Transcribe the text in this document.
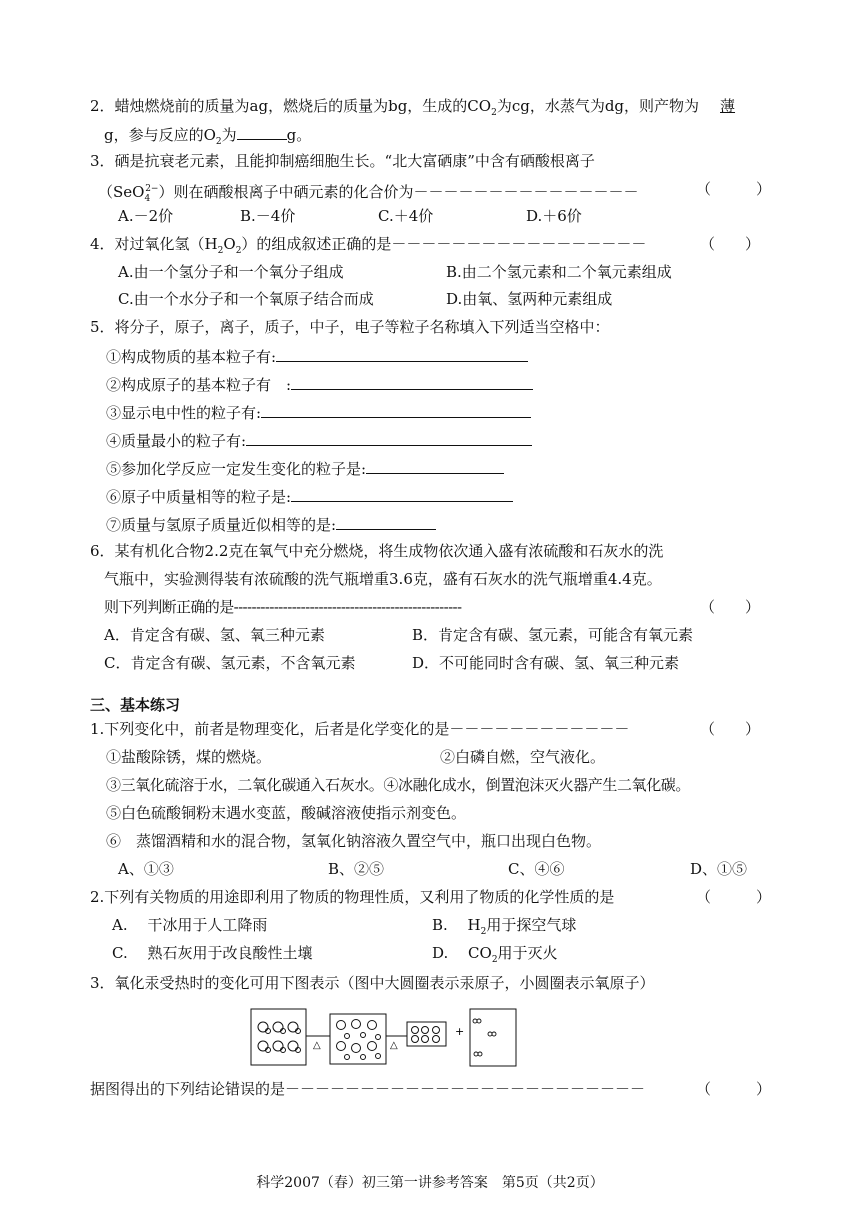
2．蜡烛燃烧前的质量为ag，燃烧后的质量为bg，生成的$CO_2$为cg，水蒸气为dg，则产物为 薄
g，参与反应的$O_2$为	g。
3．硒是抗衰老元素，且能抑制癌细胞生长。“北大富硒康”中含有硒酸根离子
（SeO$_4^{2-}$）则在硒酸根离子中硒元素的化合价为－－－－－－－－－－－－－－－	（　　　）
A.－2价	B.－4价	C.＋4价	D.＋6价
4．对过氧化氢$(H_2O_2)$的组成叙述正确的是－－－－－－－－－－－－－－－－－	（　　）
A.由一个氢分子和一个氧分子组成	B.由二个氢元素和二个氧元素组成
C.由一个水分子和一个氧原子结合而成	D.由氧、氢两种元素组成
5．将分子，原子，离子，质子，中子，电子等粒子名称填入下列适当空格中：
①构成物质的基本粒子有:
②构成原子的基本粒子有　:
③显示电中性的粒子有:
④质量最小的粒子有:
⑤参加化学反应一定发生变化的粒子是:
⑥原子中质量相等的粒子是:
⑦质量与氢原子质量近似相等的是:
6．某有机化合物2.2克在氧气中充分燃烧，将生成物依次通入盛有浓硫酸和石灰水的洗
气瓶中，实验测得装有浓硫酸的洗气瓶增重3.6克，盛有石灰水的洗气瓶增重4.4克。
则下列判断正确的是---------------------------------------------------	（　　）
A．肯定含有碳、氢、氧三种元素	B．肯定含有碳、氢元素，可能含有氧元素
C．肯定含有碳、氢元素，不含氧元素	D．不可能同时含有碳、氢、氧三种元素
三、基本练习
1.下列变化中，前者是物理变化，后者是化学变化的是－－－－－－－－－－－－	（　　）
①盐酸除锈，煤的燃烧。	②白磷自燃，空气液化。
③三氧化硫溶于水，二氧化碳通入石灰水。④冰融化成水，倒置泡沫灭火器产生二氧化碳。
⑤白色硫酸铜粉末遇水变蓝，酸碱溶液使指示剂变色。
⑥　蒸馏酒精和水的混合物，氢氧化钠溶液久置空气中，瓶口出现白色物。
A、①③	B、②⑤	C、④⑥	D、①⑤
2.下列有关物质的用途即利用了物质的物理性质，又利用了物质的化学性质的是	（　　　）
A.　 干冰用于人工降雨	B.　 $H_2$用于探空气球
C.　 熟石灰用于改良酸性土壤	D.　 $CO_2$用于灭火
3．氧化汞受热时的变化可用下图表示（图中大圆圈表示汞原子，小圆圈表示氧原子）
△	△
+
据图得出的下列结论错误的是－－－－－－－－－－－－－－－－－－－－－－－－	（　　　）
科学2007（春）初三第一讲参考答案　第5页（共2页）
